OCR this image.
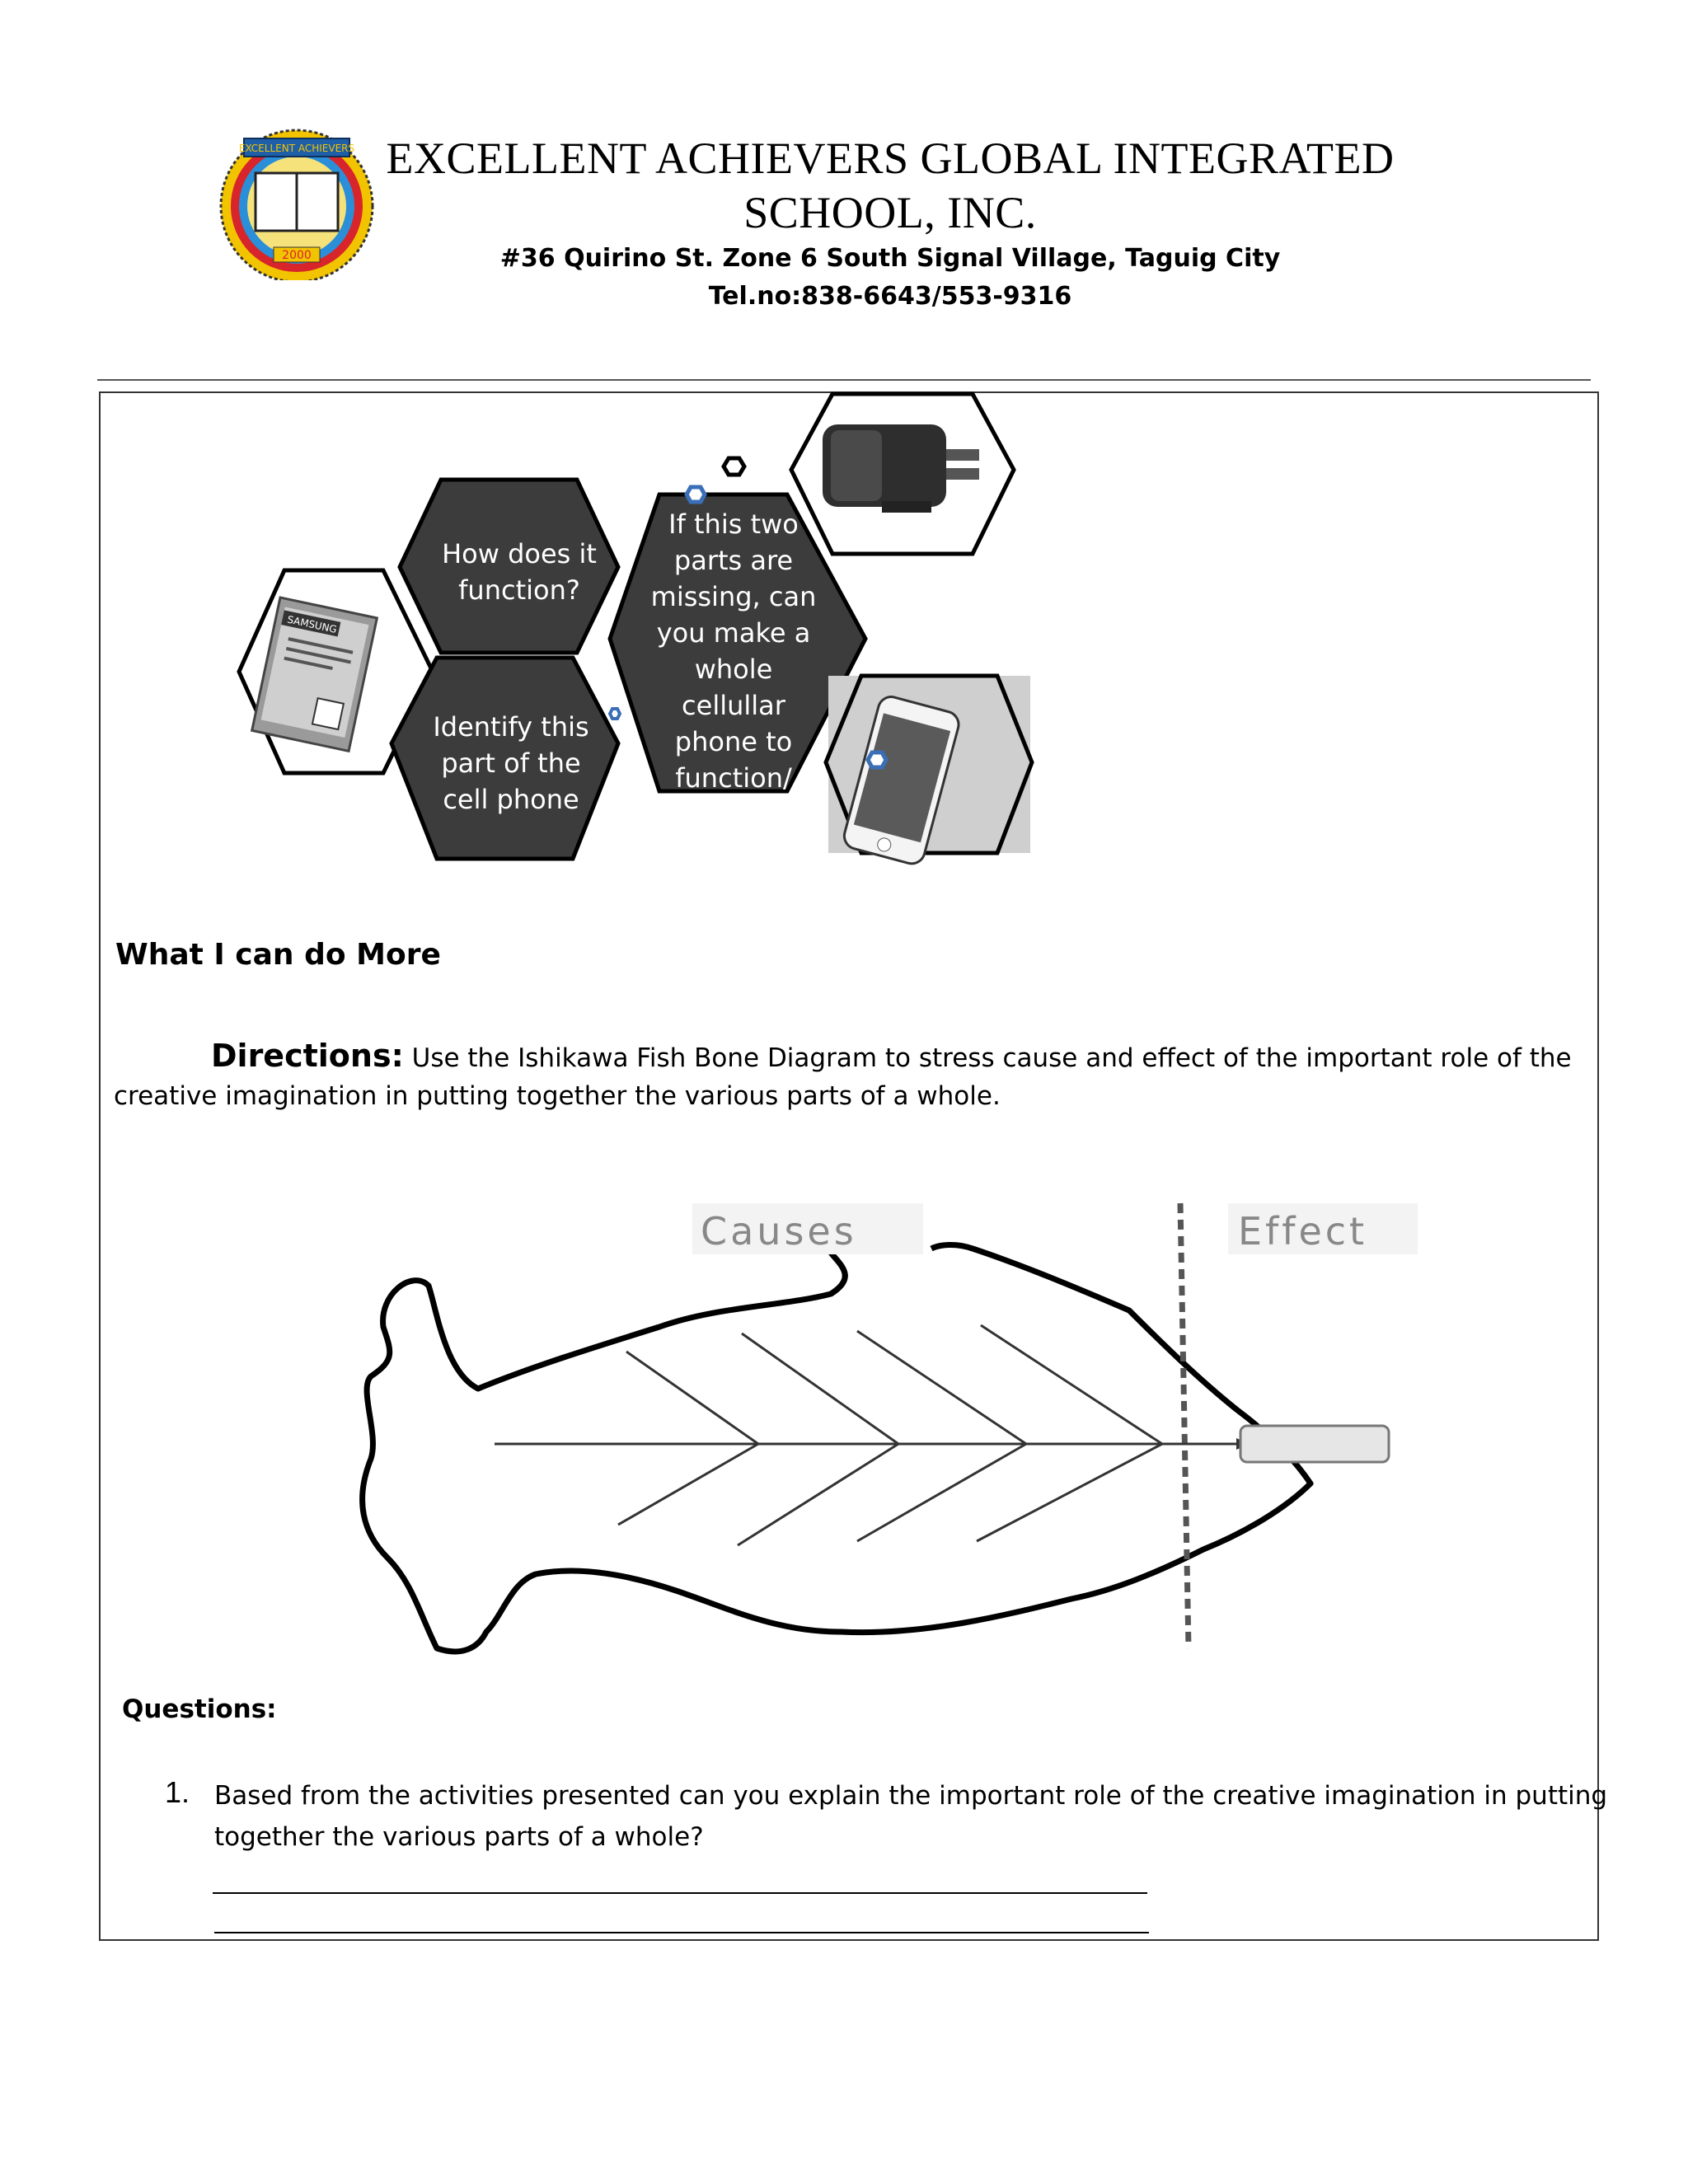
EXCELLENT ACHIEVERS
2000
EXCELLENT ACHIEVERS GLOBAL INTEGRATED
SCHOOL, INC.
#36 Quirino St. Zone 6 South Signal Village, Taguig City
Tel.no:838-6643/553-9316
SAMSUNG
How does it
function?
Identify this
part of the
cell phone
If this two
parts are
missing, can
you make a
whole
cellullar
phone to
function/
What I can do More
Directions: Use the Ishikawa Fish Bone Diagram to stress cause and effect of the important role of the
creative imagination in putting together the various parts of a whole.
Causes	Effect
Questions:
1. Based from the activities presented can you explain the important role of the creative imagination in putting
together the various parts of a whole?
